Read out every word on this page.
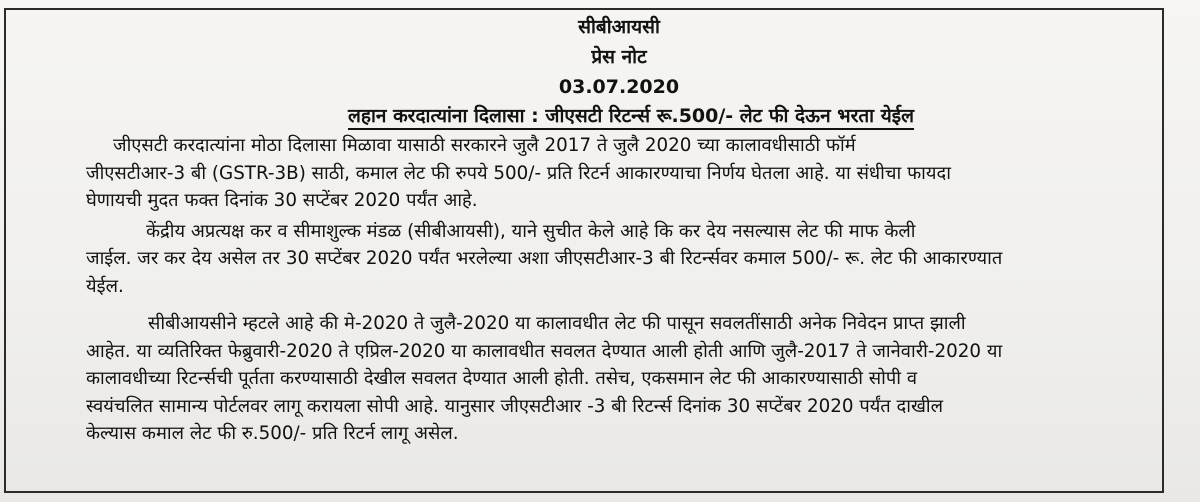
सीबीआयसी
प्रेस नोट
03.07.2020
लहान करदात्यांना दिलासा : जीएसटी रिटर्न्स रू.500/- लेट फी देऊन भरता येईल
जीएसटी करदात्यांना मोठा दिलासा मिळावा यासाठी सरकारने जुलै 2017 ते जुलै 2020 च्या कालावधीसाठी फॉर्म
जीएसटीआर-3 बी (GSTR-3B) साठी, कमाल लेट फी रुपये 500/- प्रति रिटर्न आकारण्याचा निर्णय घेतला आहे. या संधीचा फायदा
घेणायची मुदत फक्त दिनांक 30 सप्टेंबर 2020 पर्यंत आहे.
केंद्रीय अप्रत्यक्ष कर व सीमाशुल्क मंडळ (सीबीआयसी), याने सुचीत केले आहे कि कर देय नसल्यास लेट फी माफ केली
जाईल. जर कर देय असेल तर 30 सप्टेंबर 2020 पर्यंत भरलेल्या अशा जीएसटीआर-3 बी रिटर्न्सवर कमाल 500/- रू. लेट फी आकारण्यात
येईल.
सीबीआयसीने म्हटले आहे की मे-2020 ते जुलै-2020 या कालावधीत लेट फी पासून सवलतींसाठी अनेक निवेदन प्राप्त झाली
आहेत. या व्यतिरिक्त फेब्रुवारी-2020 ते एप्रिल-2020 या कालावधीत सवलत देण्यात आली होती आणि जुलै-2017 ते जानेवारी-2020 या
कालावधीच्या रिटर्न्सची पूर्तता करण्यासाठी देखील सवलत देण्यात आली होती. तसेच, एकसमान लेट फी आकारण्यासाठी सोपी व
स्वयंचलित सामान्य पोर्टलवर लागू करायला सोपी आहे. यानुसार जीएसटीआर -3 बी रिटर्न्स दिनांक 30 सप्टेंबर 2020 पर्यंत दाखील
केल्यास कमाल लेट फी रु.500/- प्रति रिटर्न लागू असेल.
